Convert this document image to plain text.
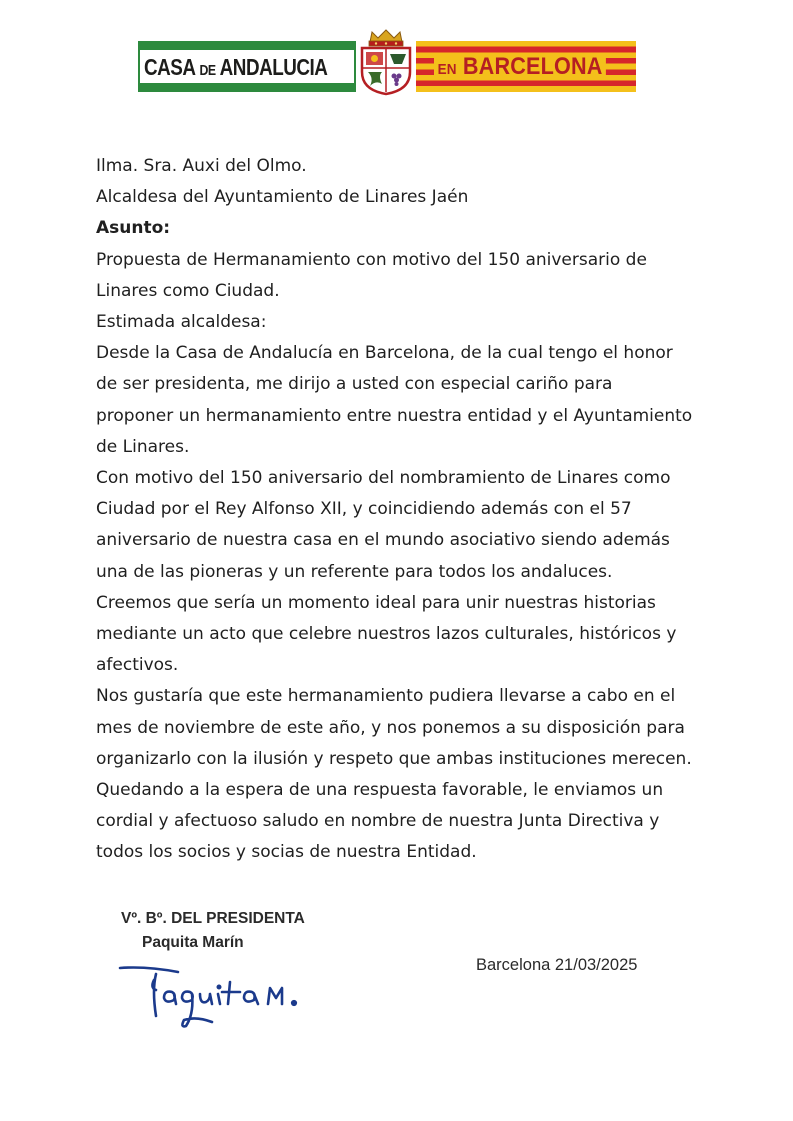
CASA DE ANDALUCIA	EN BARCELONA

Ilma. Sra. Auxi del Olmo.

Alcaldesa del Ayuntamiento de Linares Jaén

Asunto:

Propuesta de Hermanamiento con motivo del 150 aniversario de

Linares como Ciudad.

Estimada alcaldesa:

Desde la Casa de Andalucía en Barcelona, de la cual tengo el honor

de ser presidenta, me dirijo a usted con especial cariño para

proponer un hermanamiento entre nuestra entidad y el Ayuntamiento

de Linares.

Con motivo del 150 aniversario del nombramiento de Linares como

Ciudad por el Rey Alfonso XII, y coincidiendo además con el 57

aniversario de nuestra casa en el mundo asociativo siendo además

una de las pioneras y un referente para todos los andaluces.

Creemos que sería un momento ideal para unir nuestras historias

mediante un acto que celebre nuestros lazos culturales, históricos y

afectivos.

Nos gustaría que este hermanamiento pudiera llevarse a cabo en el

mes de noviembre de este año, y nos ponemos a su disposición para

organizarlo con la ilusión y respeto que ambas instituciones merecen.

Quedando a la espera de una respuesta favorable, le enviamos un

cordial y afectuoso saludo en nombre de nuestra Junta Directiva y

todos los socios y socias de nuestra Entidad.

Vº. Bº. DEL PRESIDENTA
Paquita Marín
Barcelona 21/03/2025
